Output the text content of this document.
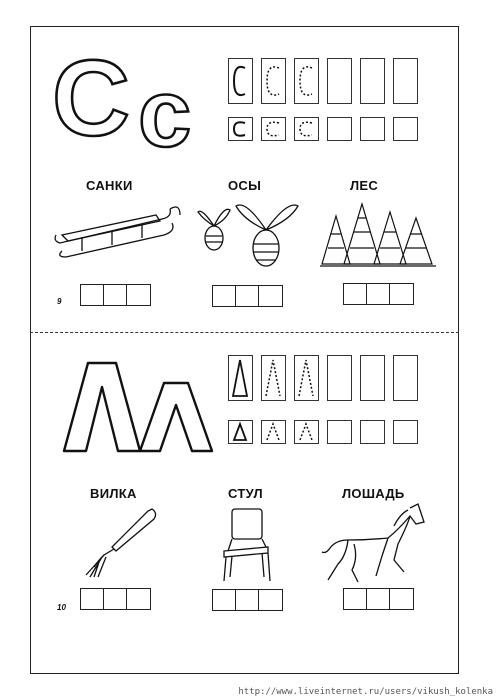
C c
САНКИ	ОСЫ	ЛЕС
9
ВИЛКА	СТУЛ	ЛОШАДЬ
10
http://www.liveinternet.ru/users/vikush_kolenka
